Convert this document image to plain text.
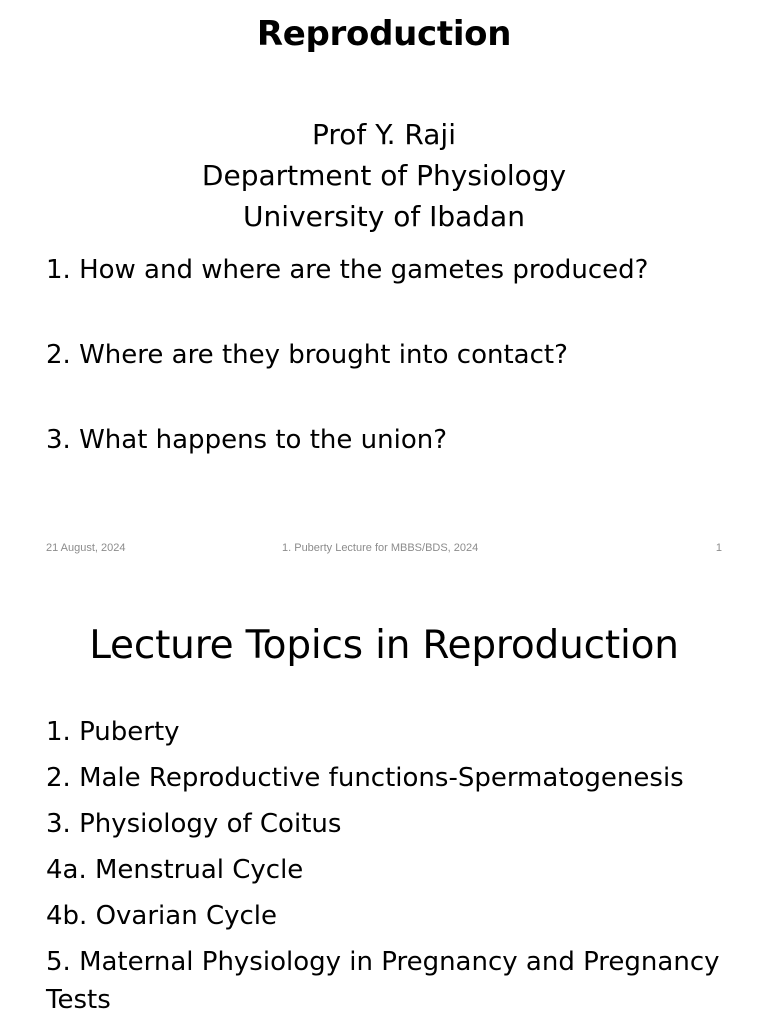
Reproduction
Prof Y. Raji
Department of Physiology
University of Ibadan
1. How and where are the gametes produced?
2. Where are they brought into contact?
3. What happens to the union?
21 August, 2024	1. Puberty Lecture for MBBS/BDS, 2024	1
Lecture Topics in Reproduction
1. Puberty
2. Male Reproductive functions-Spermatogenesis
3. Physiology of Coitus
4a. Menstrual Cycle
4b. Ovarian Cycle
5. Maternal Physiology in Pregnancy and Pregnancy Tests
